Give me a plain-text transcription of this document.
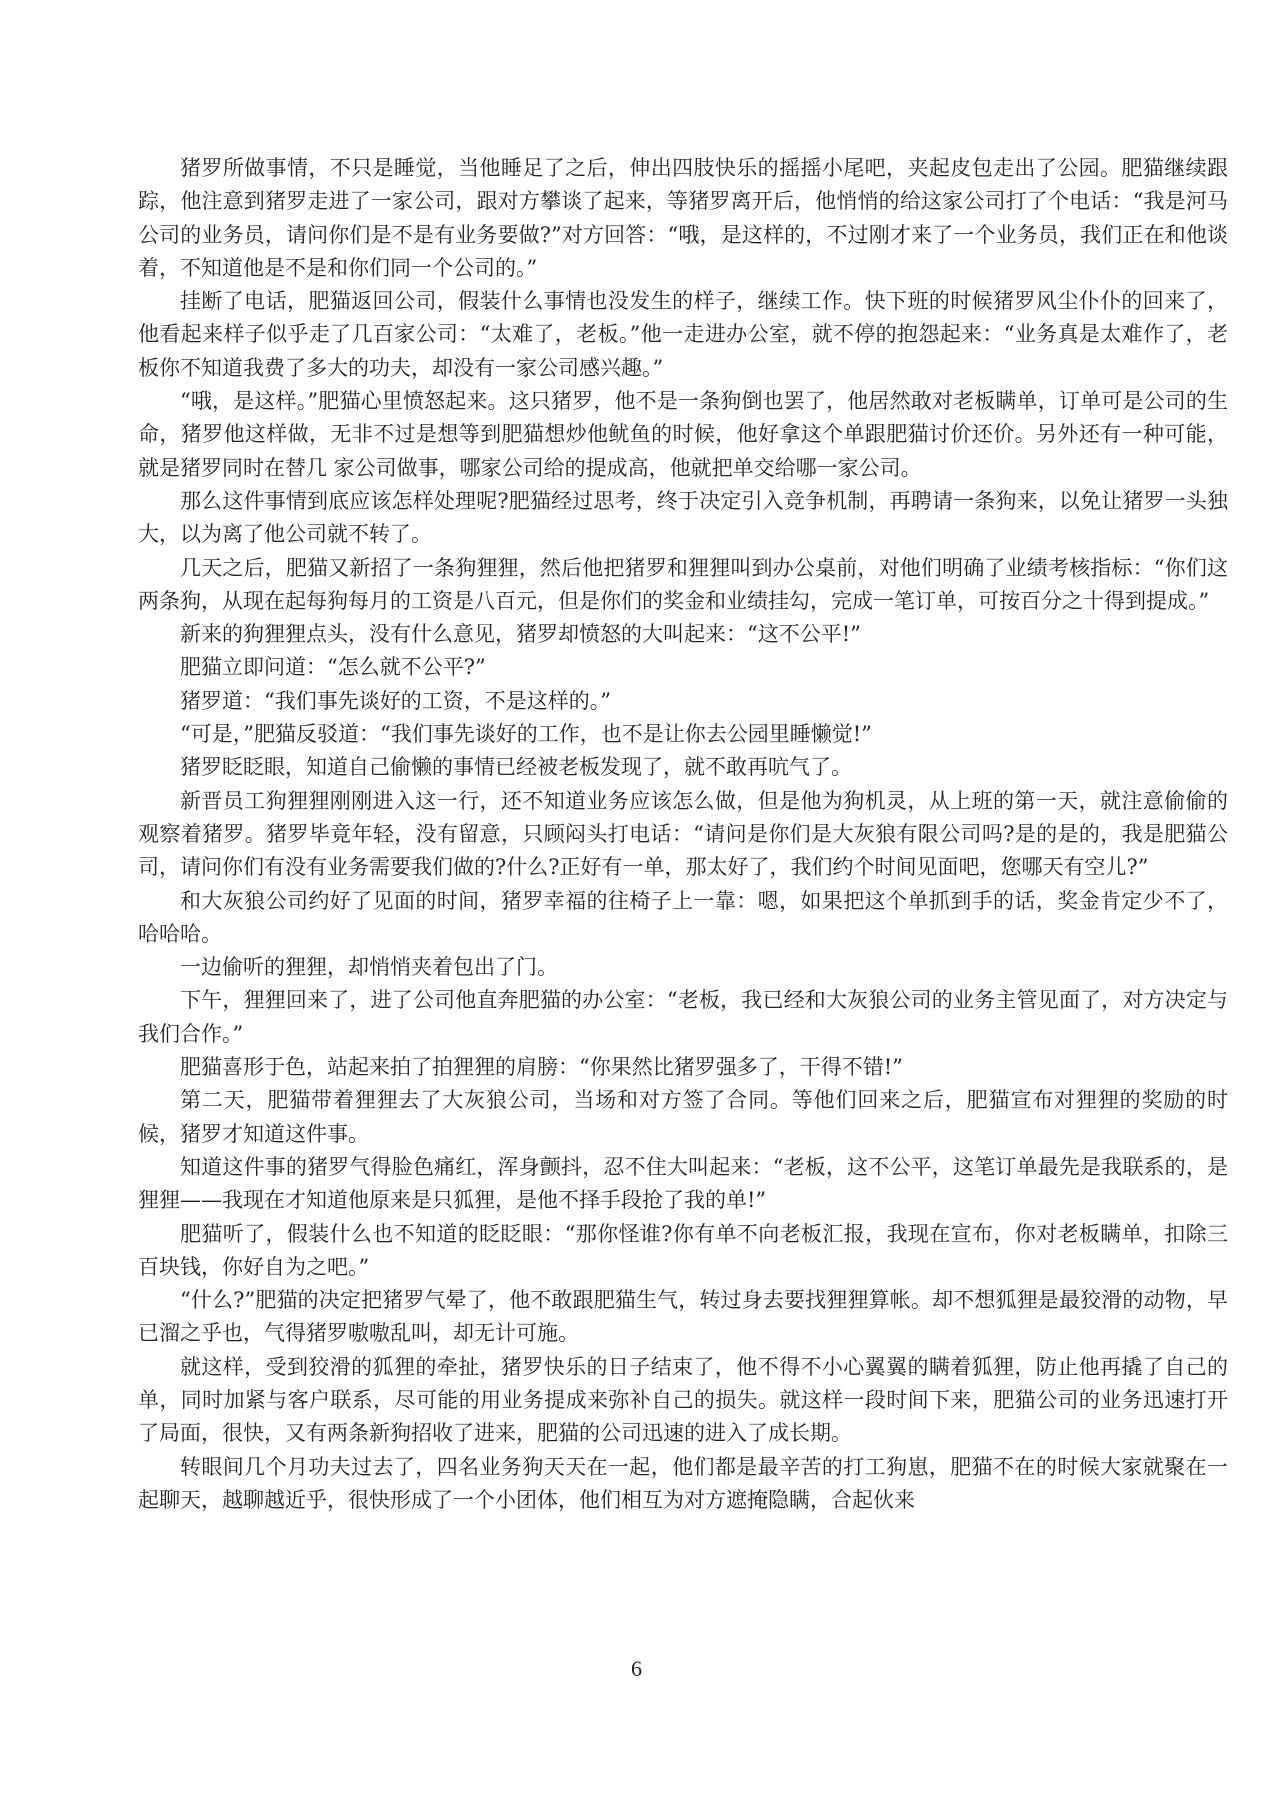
猪罗所做事情，不只是睡觉，当他睡足了之后，伸出四肢快乐的摇摇小尾吧，夹起皮包走出了公园。肥猫继续跟踪，他注意到猪罗走进了一家公司，跟对方攀谈了起来，等猪罗离开后，他悄悄的给这家公司打了个电话：“我是河马公司的业务员，请问你们是不是有业务要做?”对方回答：“哦，是这样的，不过刚才来了一个业务员，我们正在和他谈着，不知道他是不是和你们同一个公司的。”

挂断了电话，肥猫返回公司，假装什么事情也没发生的样子，继续工作。快下班的时候猪罗风尘仆仆的回来了，他看起来样子似乎走了几百家公司：“太难了，老板。”他一走进办公室，就不停的抱怨起来：“业务真是太难作了，老板你不知道我费了多大的功夫，却没有一家公司感兴趣。”

“哦，是这样。”肥猫心里愤怒起来。这只猪罗，他不是一条狗倒也罢了，他居然敢对老板瞒单，订单可是公司的生命，猪罗他这样做，无非不过是想等到肥猫想炒他鱿鱼的时候，他好拿这个单跟肥猫讨价还价。另外还有一种可能，就是猪罗同时在替几 家公司做事，哪家公司给的提成高，他就把单交给哪一家公司。

那么这件事情到底应该怎样处理呢?肥猫经过思考，终于决定引入竞争机制，再聘请一条狗来，以免让猪罗一头独大，以为离了他公司就不转了。

几天之后，肥猫又新招了一条狗狸狸，然后他把猪罗和狸狸叫到办公桌前，对他们明确了业绩考核指标：“你们这两条狗，从现在起每狗每月的工资是八百元，但是你们的奖金和业绩挂勾，完成一笔订单，可按百分之十得到提成。”

新来的狗狸狸点头，没有什么意见，猪罗却愤怒的大叫起来：“这不公平!”

肥猫立即问道：“怎么就不公平?”

猪罗道：“我们事先谈好的工资，不是这样的。”

“可是，”肥猫反驳道：“我们事先谈好的工作，也不是让你去公园里睡懒觉!”

猪罗眨眨眼，知道自己偷懒的事情已经被老板发现了，就不敢再吭气了。

新晋员工狗狸狸刚刚进入这一行，还不知道业务应该怎么做，但是他为狗机灵，从上班的第一天，就注意偷偷的观察着猪罗。猪罗毕竟年轻，没有留意，只顾闷头打电话：“请问是你们是大灰狼有限公司吗?是的是的，我是肥猫公司，请问你们有没有业务需要我们做的?什么?正好有一单，那太好了，我们约个时间见面吧，您哪天有空儿?”

和大灰狼公司约好了见面的时间，猪罗幸福的往椅子上一靠：嗯，如果把这个单抓到手的话，奖金肯定少不了，哈哈哈。

一边偷听的狸狸，却悄悄夹着包出了门。

下午，狸狸回来了，进了公司他直奔肥猫的办公室：“老板，我已经和大灰狼公司的业务主管见面了，对方决定与我们合作。”

肥猫喜形于色，站起来拍了拍狸狸的肩膀：“你果然比猪罗强多了，干得不错!”

第二天，肥猫带着狸狸去了大灰狼公司，当场和对方签了合同。等他们回来之后，肥猫宣布对狸狸的奖励的时候，猪罗才知道这件事。

知道这件事的猪罗气得脸色痛红，浑身颤抖，忍不住大叫起来：“老板，这不公平，这笔订单最先是我联系的，是狸狸——我现在才知道他原来是只狐狸，是他不择手段抢了我的单!”

肥猫听了，假装什么也不知道的眨眨眼：“那你怪谁?你有单不向老板汇报，我现在宣布，你对老板瞒单，扣除三百块钱，你好自为之吧。”

“什么?”肥猫的决定把猪罗气晕了，他不敢跟肥猫生气，转过身去要找狸狸算帐。却不想狐狸是最狡滑的动物，早已溜之乎也，气得猪罗嗷嗷乱叫，却无计可施。

就这样，受到狡滑的狐狸的牵扯，猪罗快乐的日子结束了，他不得不小心翼翼的瞒着狐狸，防止他再撬了自己的单，同时加紧与客户联系，尽可能的用业务提成来弥补自己的损失。就这样一段时间下来，肥猫公司的业务迅速打开了局面，很快，又有两条新狗招收了进来，肥猫的公司迅速的进入了成长期。

转眼间几个月功夫过去了，四名业务狗天天在一起，他们都是最辛苦的打工狗崽，肥猫不在的时候大家就聚在一起聊天，越聊越近乎，很快形成了一个小团体，他们相互为对方遮掩隐瞒，合起伙来

6
